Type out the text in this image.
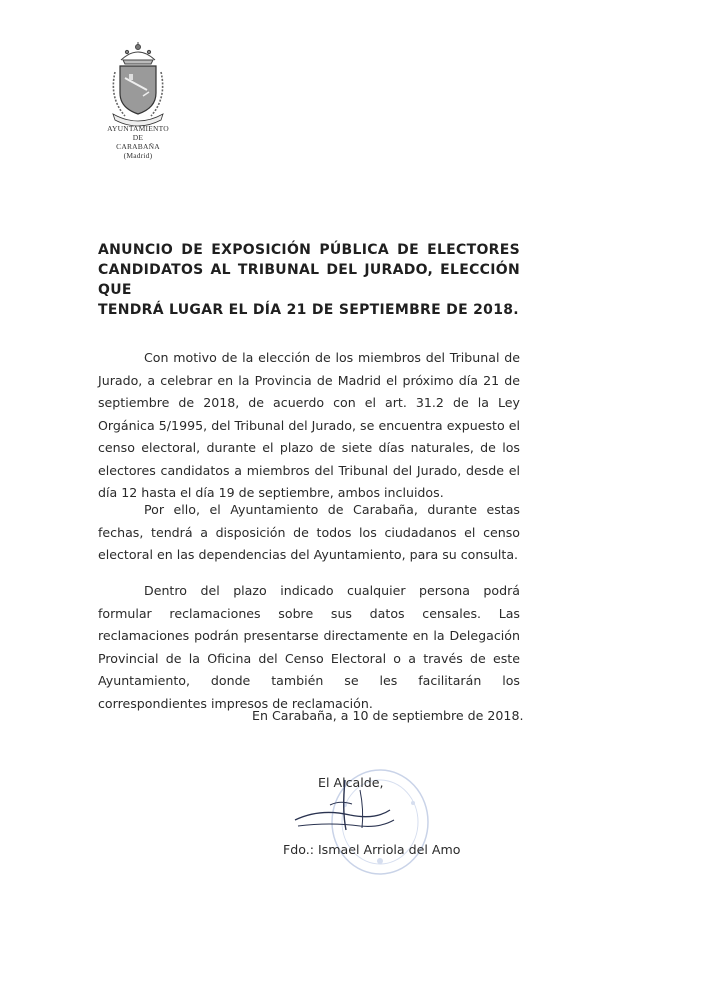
AYUNTAMIENTO
DE
CARABAÑA
(Madrid)
ANUNCIO DE EXPOSICIÓN PÚBLICA DE ELECTORES
CANDIDATOS AL TRIBUNAL DEL JURADO, ELECCIÓN QUE
TENDRÁ LUGAR EL DÍA 21 DE SEPTIEMBRE DE 2018.

Con motivo de la elección de los miembros del Tribunal de Jurado, a celebrar en la Provincia de Madrid el próximo día 21 de septiembre de 2018, de acuerdo con el art. 31.2 de la Ley Orgánica 5/1995, del Tribunal del Jurado, se encuentra expuesto el censo electoral, durante el plazo de siete días naturales, de los electores candidatos a miembros del Tribunal del Jurado, desde el día 12 hasta el día 19 de septiembre, ambos incluidos.

Por ello, el Ayuntamiento de Carabaña, durante estas fechas, tendrá a disposición de todos los ciudadanos el censo electoral en las dependencias del Ayuntamiento, para su consulta.

Dentro del plazo indicado cualquier persona podrá formular reclamaciones sobre sus datos censales. Las reclamaciones podrán presentarse directamente en la Delegación Provincial de la Oficina del Censo Electoral o a través de este Ayuntamiento, donde también se les facilitarán los correspondientes impresos de reclamación.

En Carabaña, a 10 de septiembre de 2018.
El Alcalde,
Fdo.: Ismael Arriola del Amo
